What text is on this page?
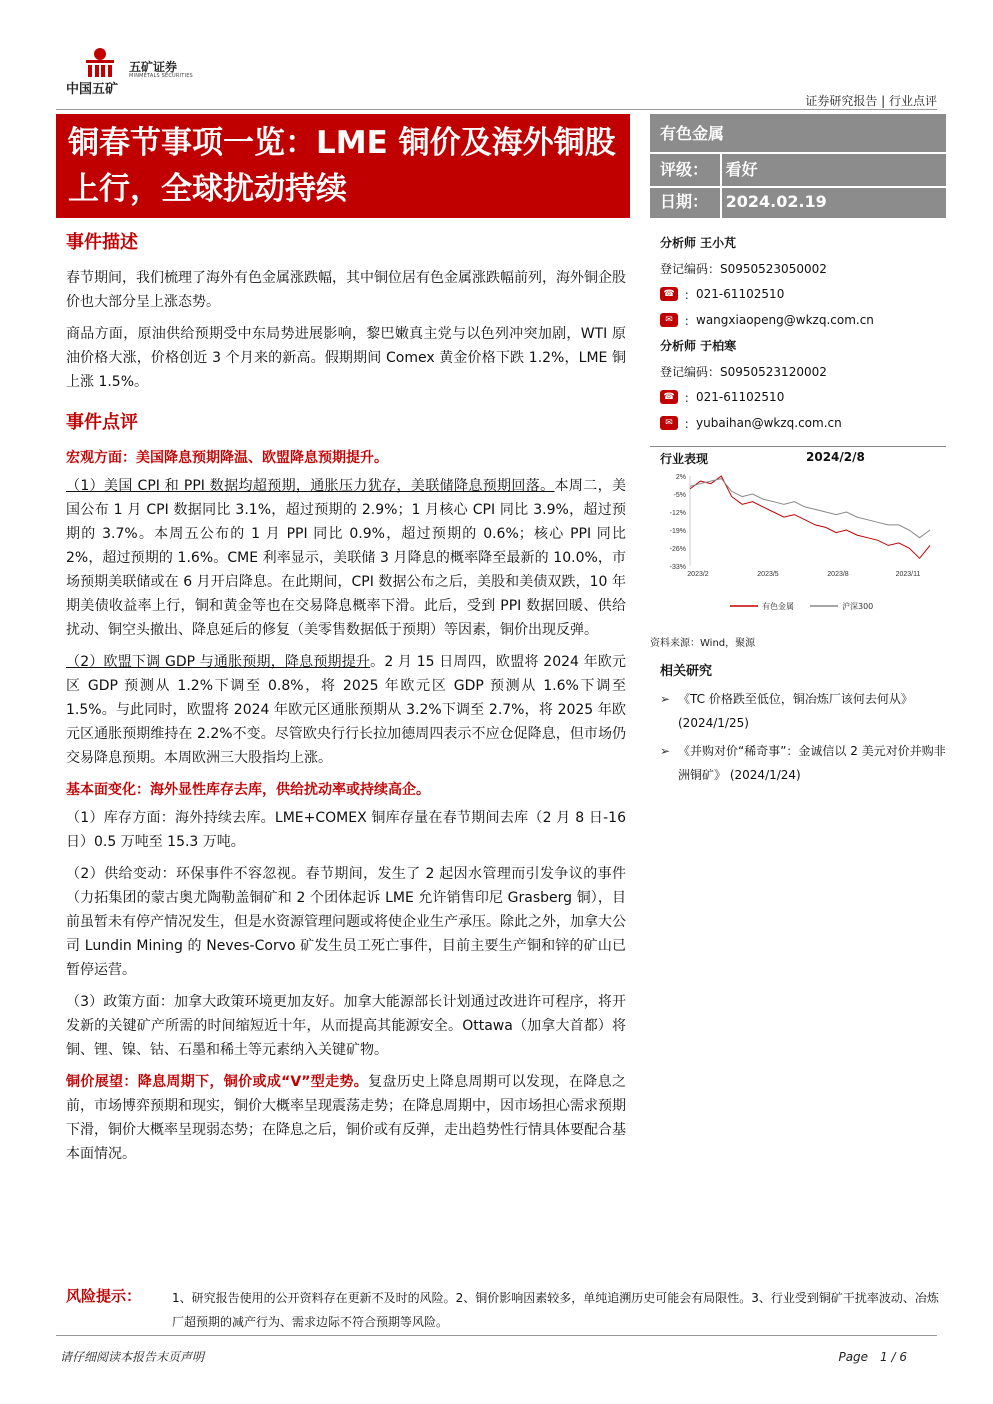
中国五矿
五矿证券
MINMETALS SECURITIES
证券研究报告 | 行业点评
铜春节事项一览：LME 铜价及海外铜股上行，全球扰动持续
有色金属
评级： 看好
日期： 2024.02.19
事件描述

春节期间，我们梳理了海外有色金属涨跌幅，其中铜位居有色金属涨跌幅前列，海外铜企股价也大部分呈上涨态势。

商品方面，原油供给预期受中东局势进展影响，黎巴嫩真主党与以色列冲突加剧，WTI 原油价格大涨，价格创近 3 个月来的新高。假期期间 Comex 黄金价格下跌 1.2%，LME 铜上涨 1.5%。

事件点评
宏观方面：美国降息预期降温、欧盟降息预期提升。

（1）美国 CPI 和 PPI 数据均超预期，通胀压力犹存，美联储降息预期回落。本周二，美国公布 1 月 CPI 数据同比 3.1%，超过预期的 2.9%；1 月核心 CPI 同比 3.9%，超过预期的 3.7%。本周五公布的 1 月 PPI 同比 0.9%，超过预期的 0.6%；核心 PPI 同比 2%，超过预期的 1.6%。CME 利率显示，美联储 3 月降息的概率降至最新的 10.0%，市场预期美联储或在 6 月开启降息。在此期间，CPI 数据公布之后，美股和美债双跌，10 年期美债收益率上行，铜和黄金等也在交易降息概率下滑。此后，受到 PPI 数据回暖、供给扰动、铜空头撤出、降息延后的修复（美零售数据低于预期）等因素，铜价出现反弹。

（2）欧盟下调 GDP 与通胀预期，降息预期提升。2 月 15 日周四，欧盟将 2024 年欧元区 GDP 预测从 1.2%下调至 0.8%，将 2025 年欧元区 GDP 预测从 1.6%下调至 1.5%。与此同时，欧盟将 2024 年欧元区通胀预期从 3.2%下调至 2.7%，将 2025 年欧元区通胀预期维持在 2.2%不变。尽管欧央行行长拉加德周四表示不应仓促降息，但市场仍交易降息预期。本周欧洲三大股指均上涨。

基本面变化：海外显性库存去库，供给扰动率或持续高企。

（1）库存方面：海外持续去库。LME+COMEX 铜库存量在春节期间去库（2 月 8 日-16 日）0.5 万吨至 15.3 万吨。

（2）供给变动：环保事件不容忽视。春节期间，发生了 2 起因水管理而引发争议的事件（力拓集团的蒙古奥尤陶勒盖铜矿和 2 个团体起诉 LME 允许销售印尼 Grasberg 铜），目前虽暂未有停产情况发生，但是水资源管理问题或将使企业生产承压。除此之外，加拿大公司 Lundin Mining 的 Neves-Corvo 矿发生员工死亡事件，目前主要生产铜和锌的矿山已暂停运营。

（3）政策方面：加拿大政策环境更加友好。加拿大能源部长计划通过改进许可程序，将开发新的关键矿产所需的时间缩短近十年，从而提高其能源安全。Ottawa（加拿大首都）将铜、锂、镍、钴、石墨和稀土等元素纳入关键矿物。

铜价展望：降息周期下，铜价或成“V”型走势。复盘历史上降息周期可以发现，在降息之前，市场博弈预期和现实，铜价大概率呈现震荡走势；在降息周期中，因市场担心需求预期下滑，铜价大概率呈现弱态势；在降息之后，铜价或有反弹，走出趋势性行情具体要配合基本面情况。

分析师 王小芃
登记编码：S0950523050002
☎ ： 021-61102510
✉ ： wangxiaopeng@wkzq.com.cn
分析师 于柏寒
登记编码：S0950523120002
☎ ： 021-61102510
✉ ： yubaihan@wkzq.com.cn
行业表现	2024/2/8
2%
-5%
-12%
-19%
-26%
-33%
2023/2	2023/5	2023/8	2023/11
有色金属	沪深300
资料来源：Wind，聚源
相关研究
➢ 《TC 价格跌至低位，铜冶炼厂该何去何从》
(2024/1/25)
➢ 《并购对价“稀奇事”：金诚信以 2 美元对价并购非洲铜矿》 (2024/1/24)
风险提示：	1、研究报告使用的公开资料存在更新不及时的风险。2、铜价影响因素较多，单纯追溯历史可能会有局限性。3、行业受到铜矿干扰率波动、冶炼厂超预期的减产行为、需求边际不符合预期等风险。
请仔细阅读本报告末页声明	Page　1 / 6
